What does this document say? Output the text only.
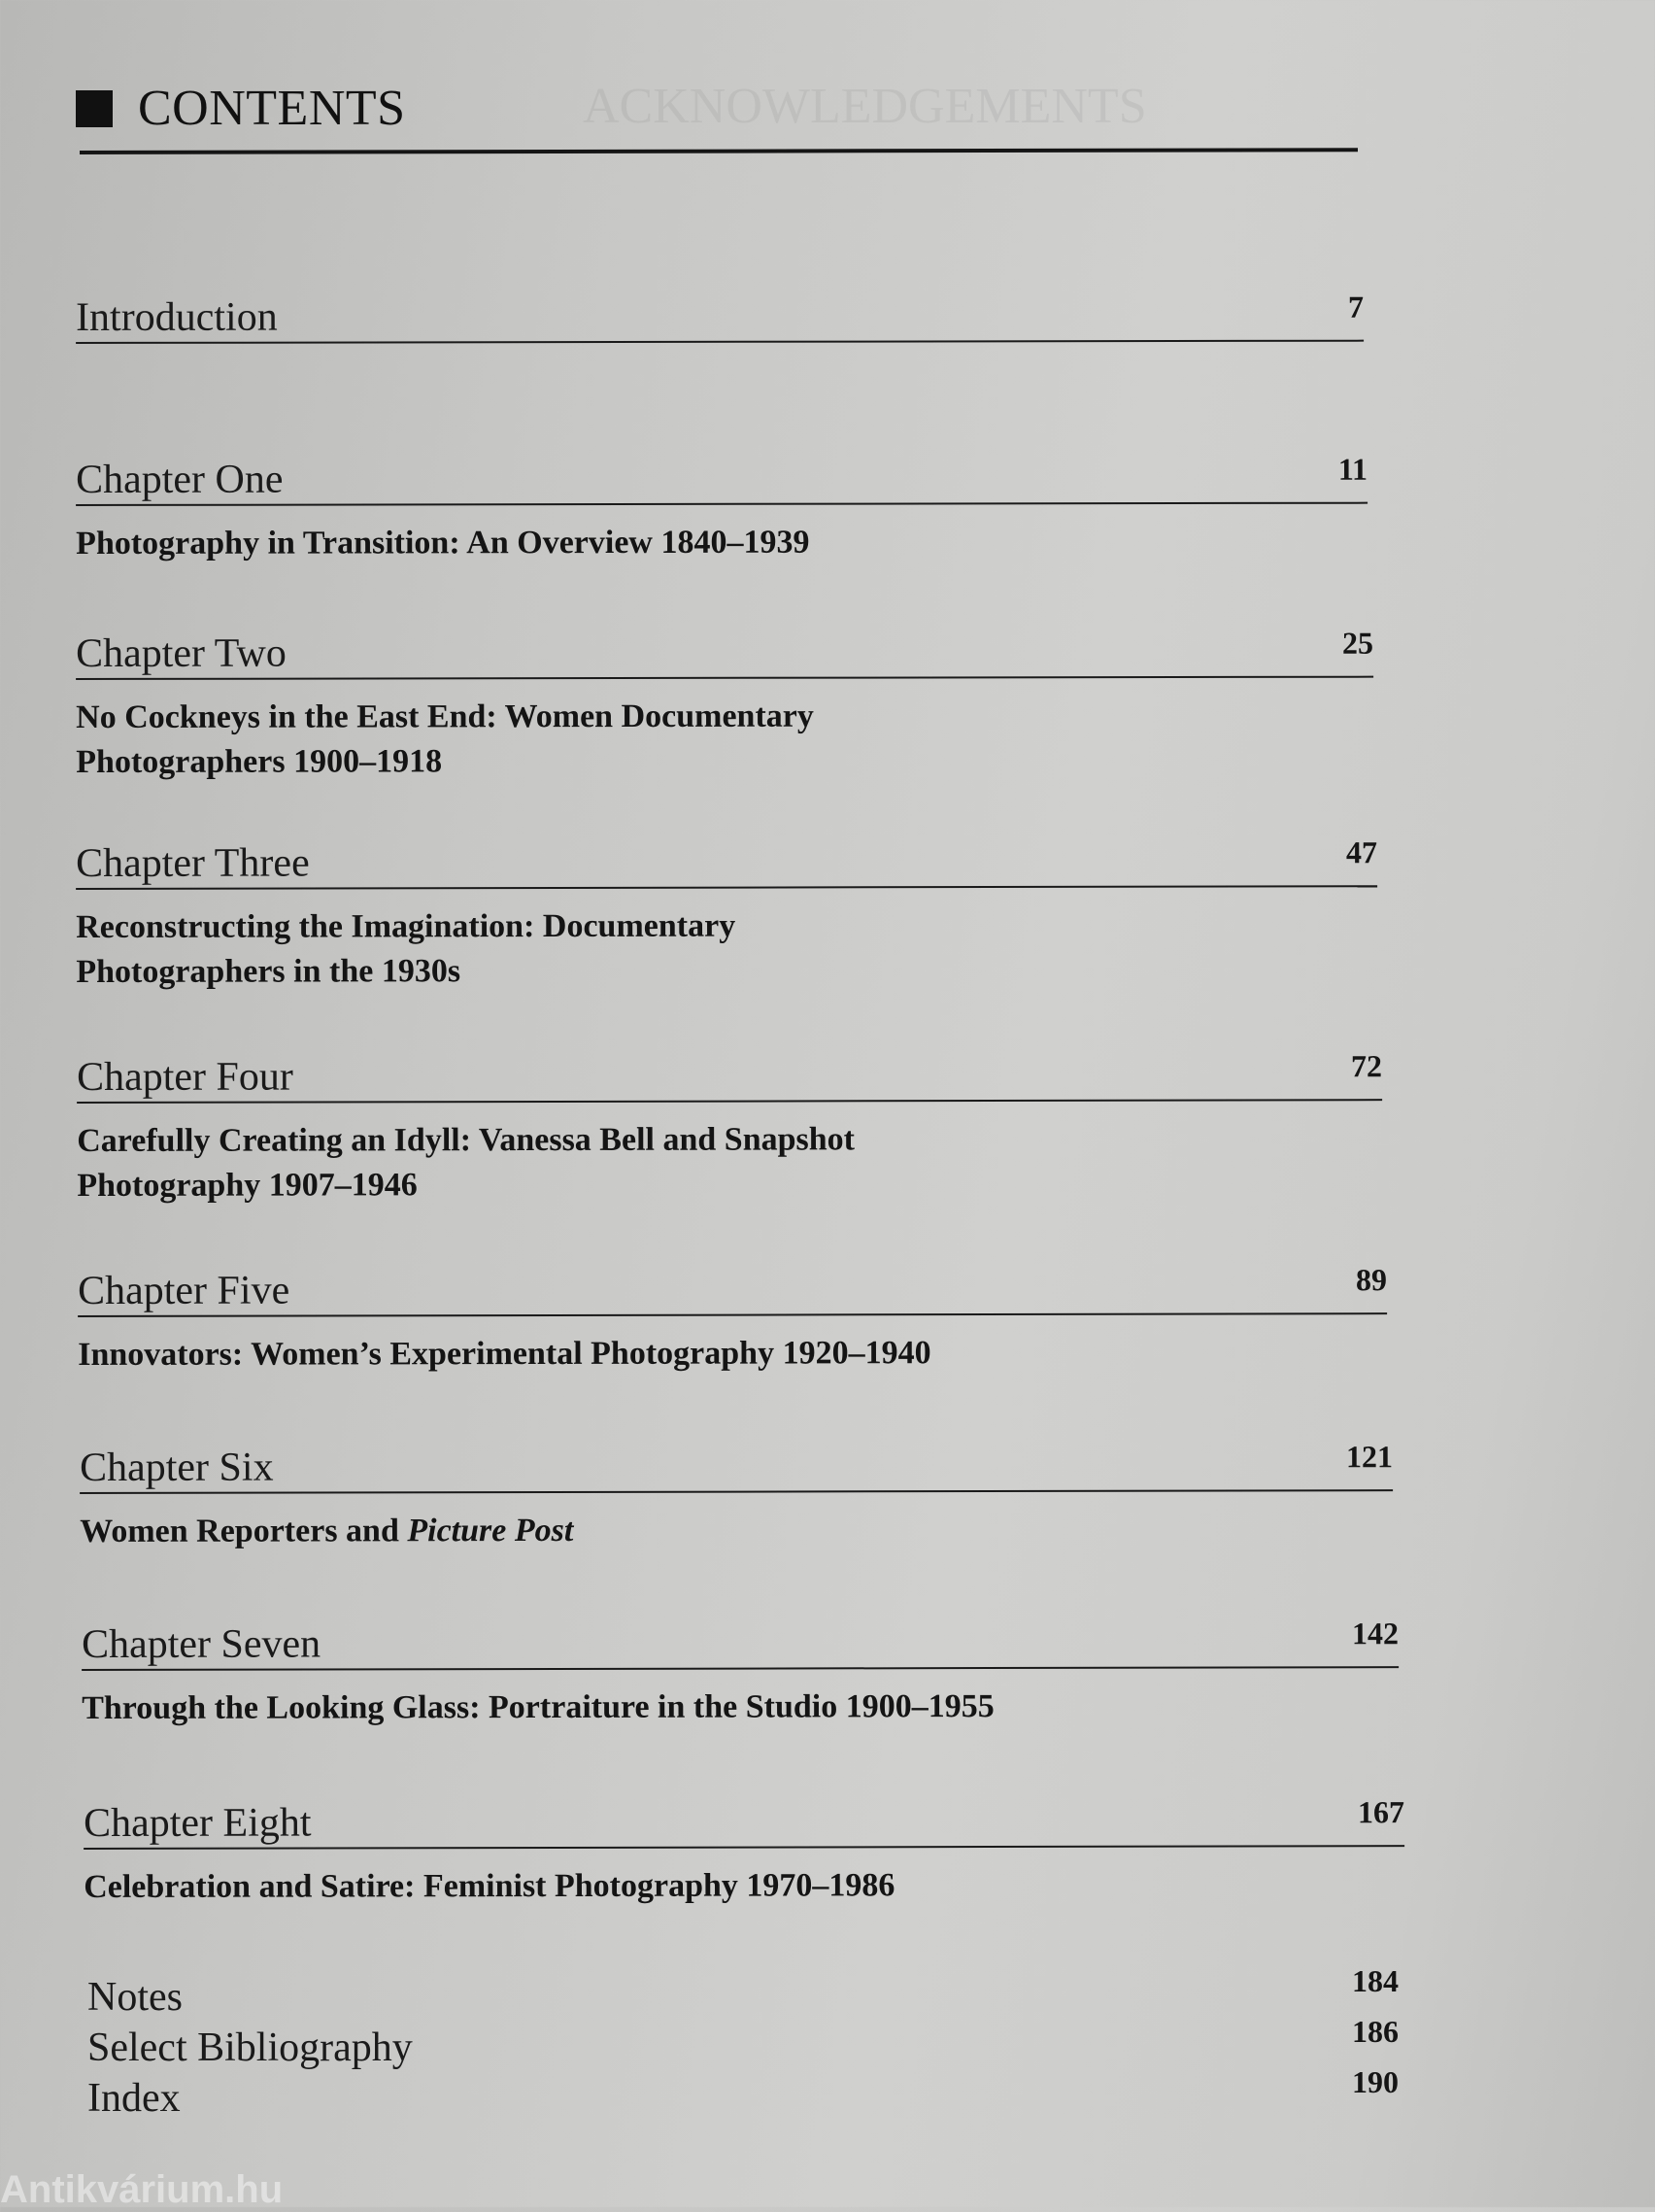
ACKNOWLEDGEMENTS
CONTENTS
Introduction	7
Chapter One	11
Photography in Transition: An Overview 1840–1939
Chapter Two	25
No Cockneys in the East End: Women Documentary
Photographers 1900–1918
Chapter Three	47
Reconstructing the Imagination: Documentary
Photographers in the 1930s
Chapter Four	72
Carefully Creating an Idyll: Vanessa Bell and Snapshot
Photography 1907–1946
Chapter Five	89
Innovators: Women’s Experimental Photography 1920–1940
Chapter Six	121
Women Reporters and Picture Post
Chapter Seven	142
Through the Looking Glass: Portraiture in the Studio 1900–1955
Chapter Eight	167
Celebration and Satire: Feminist Photography 1970–1986
Notes	184
Select Bibliography	186
Index	190
Antikvárium.hu
